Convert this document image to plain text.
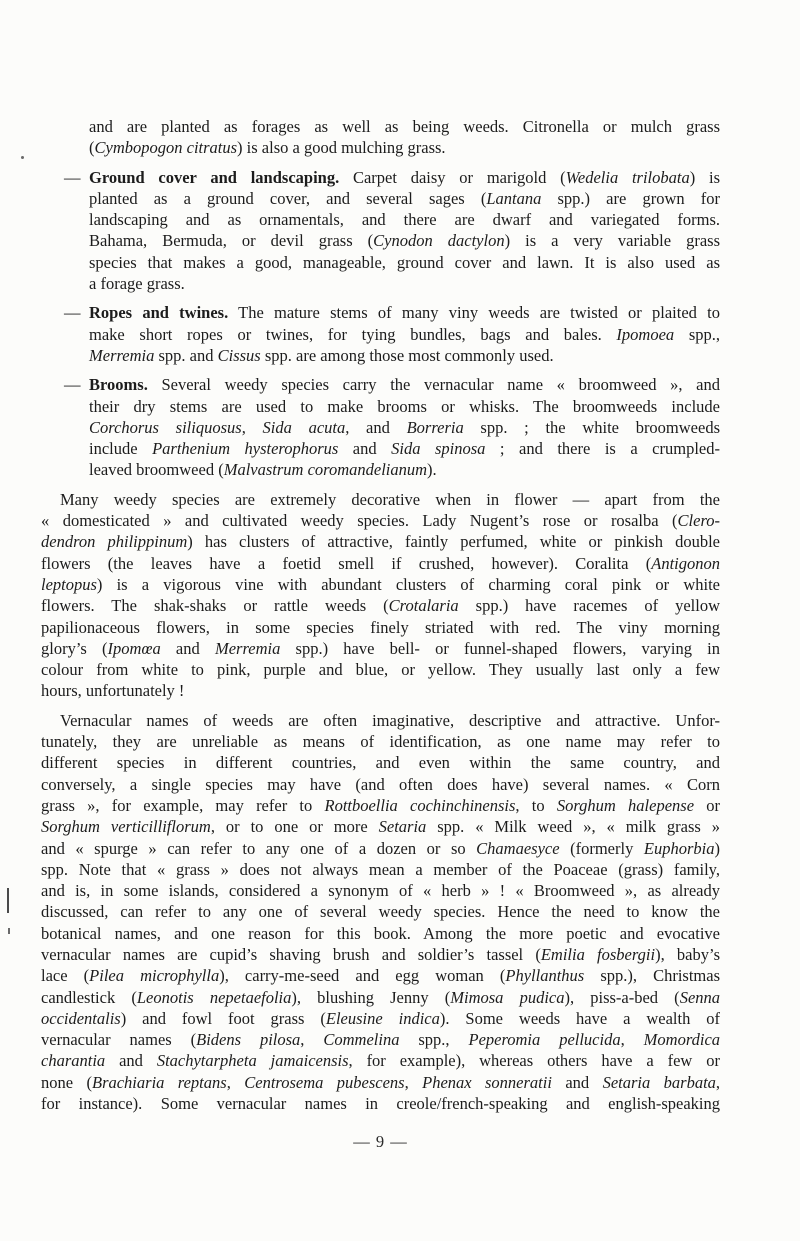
and are planted as forages as well as being weeds. Citronella or mulch grass
(Cymbopogon citratus) is also a good mulching grass.
— Ground cover and landscaping. Carpet daisy or marigold (Wedelia trilobata) is
planted as a ground cover, and several sages (Lantana spp.) are grown for
landscaping and as ornamentals, and there are dwarf and variegated forms.
Bahama, Bermuda, or devil grass (Cynodon dactylon) is a very variable grass
species that makes a good, manageable, ground cover and lawn. It is also used as
a forage grass.
— Ropes and twines. The mature stems of many viny weeds are twisted or plaited to
make short ropes or twines, for tying bundles, bags and bales. Ipomoea spp.,
Merremia spp. and Cissus spp. are among those most commonly used.
— Brooms. Several weedy species carry the vernacular name « broomweed », and
their dry stems are used to make brooms or whisks. The broomweeds include
Corchorus siliquosus, Sida acuta, and Borreria spp. ; the white broomweeds
include Parthenium hysterophorus and Sida spinosa ; and there is a crumpled-
leaved broomweed (Malvastrum coromandelianum).
Many weedy species are extremely decorative when in flower — apart from the
« domesticated » and cultivated weedy species. Lady Nugent’s rose or rosalba (Clero-
dendron philippinum) has clusters of attractive, faintly perfumed, white or pinkish double
flowers (the leaves have a foetid smell if crushed, however). Coralita (Antigonon
leptopus) is a vigorous vine with abundant clusters of charming coral pink or white
flowers. The shak-shaks or rattle weeds (Crotalaria spp.) have racemes of yellow
papilionaceous flowers, in some species finely striated with red. The viny morning
glory’s (Ipomœa and Merremia spp.) have bell- or funnel-shaped flowers, varying in
colour from white to pink, purple and blue, or yellow. They usually last only a few
hours, unfortunately !
Vernacular names of weeds are often imaginative, descriptive and attractive. Unfor-
tunately, they are unreliable as means of identification, as one name may refer to
different species in different countries, and even within the same country, and
conversely, a single species may have (and often does have) several names. « Corn
grass », for example, may refer to Rottboellia cochinchinensis, to Sorghum halepense or
Sorghum verticilliflorum, or to one or more Setaria spp. « Milk weed », « milk grass »
and « spurge » can refer to any one of a dozen or so Chamaesyce (formerly Euphorbia)
spp. Note that « grass » does not always mean a member of the Poaceae (grass) family,
and is, in some islands, considered a synonym of « herb » ! « Broomweed », as already
discussed, can refer to any one of several weedy species. Hence the need to know the
botanical names, and one reason for this book. Among the more poetic and evocative
vernacular names are cupid’s shaving brush and soldier’s tassel (Emilia fosbergii), baby’s
lace (Pilea microphylla), carry-me-seed and egg woman (Phyllanthus spp.), Christmas
candlestick (Leonotis nepetaefolia), blushing Jenny (Mimosa pudica), piss-a-bed (Senna
occidentalis) and fowl foot grass (Eleusine indica). Some weeds have a wealth of
vernacular names (Bidens pilosa, Commelina spp., Peperomia pellucida, Momordica
charantia and Stachytarpheta jamaicensis, for example), whereas others have a few or
none (Brachiaria reptans, Centrosema pubescens, Phenax sonneratii and Setaria barbata,
for instance). Some vernacular names in creole/french-speaking and english-speaking
— 9 —
